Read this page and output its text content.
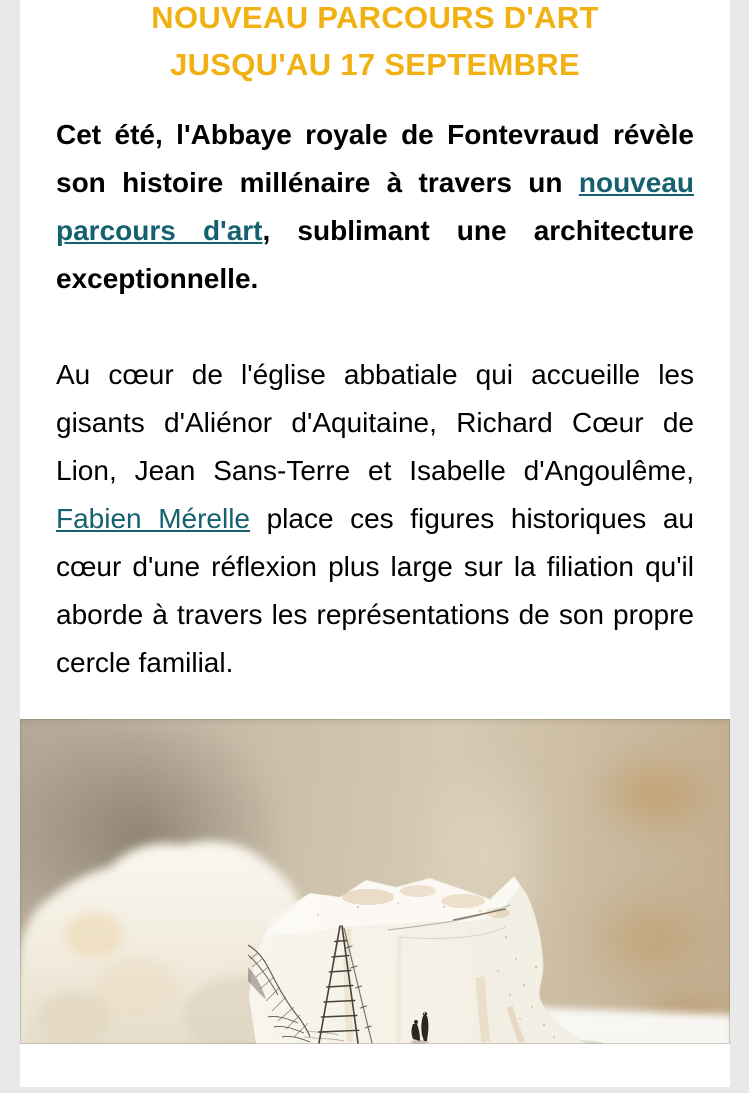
NOUVEAU PARCOURS D'ART
JUSQU'AU 17 SEPTEMBRE

Cet été, l'Abbaye royale de Fontevraud révèle son histoire millénaire à travers un nouveau parcours d'art, sublimant une architecture exceptionnelle.

Au cœur de l'église abbatiale qui accueille les gisants d'Aliénor d'Aquitaine, Richard Cœur de Lion, Jean Sans-Terre et Isabelle d'Angoulême, Fabien Mérelle place ces figures historiques au cœur d'une réflexion plus large sur la filiation qu'il aborde à travers les représentations de son propre cercle familial.
